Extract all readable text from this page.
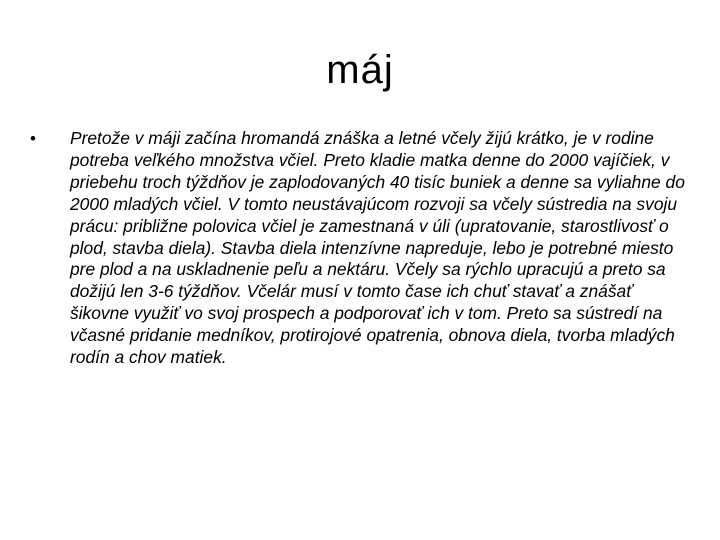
máj
• Pretože v máji začína hromandá znáška a letné včely žijú krátko, je v rodine potreba veľkého množstva včiel. Preto kladie matka denne do 2000 vajíčiek, v priebehu troch týždňov je zaplodovaných 40 tisíc buniek a denne sa vyliahne do 2000 mladých včiel. V tomto neustávajúcom rozvoji sa včely sústredia na svoju prácu: približne polovica včiel je zamestnaná v úli (upratovanie, starostlivosť o plod, stavba diela). Stavba diela intenzívne napreduje, lebo je potrebné miesto pre plod a na uskladnenie peľu a nektáru. Včely sa rýchlo upracujú a preto sa dožijú len 3-6 týždňov. Včelár musí v tomto čase ich chuť stavať a znášať šikovne využiť vo svoj prospech a podporovať ich v tom. Preto sa sústredí na včasné pridanie medníkov, protirojové opatrenia, obnova diela, tvorba mladých rodín a chov matiek.
